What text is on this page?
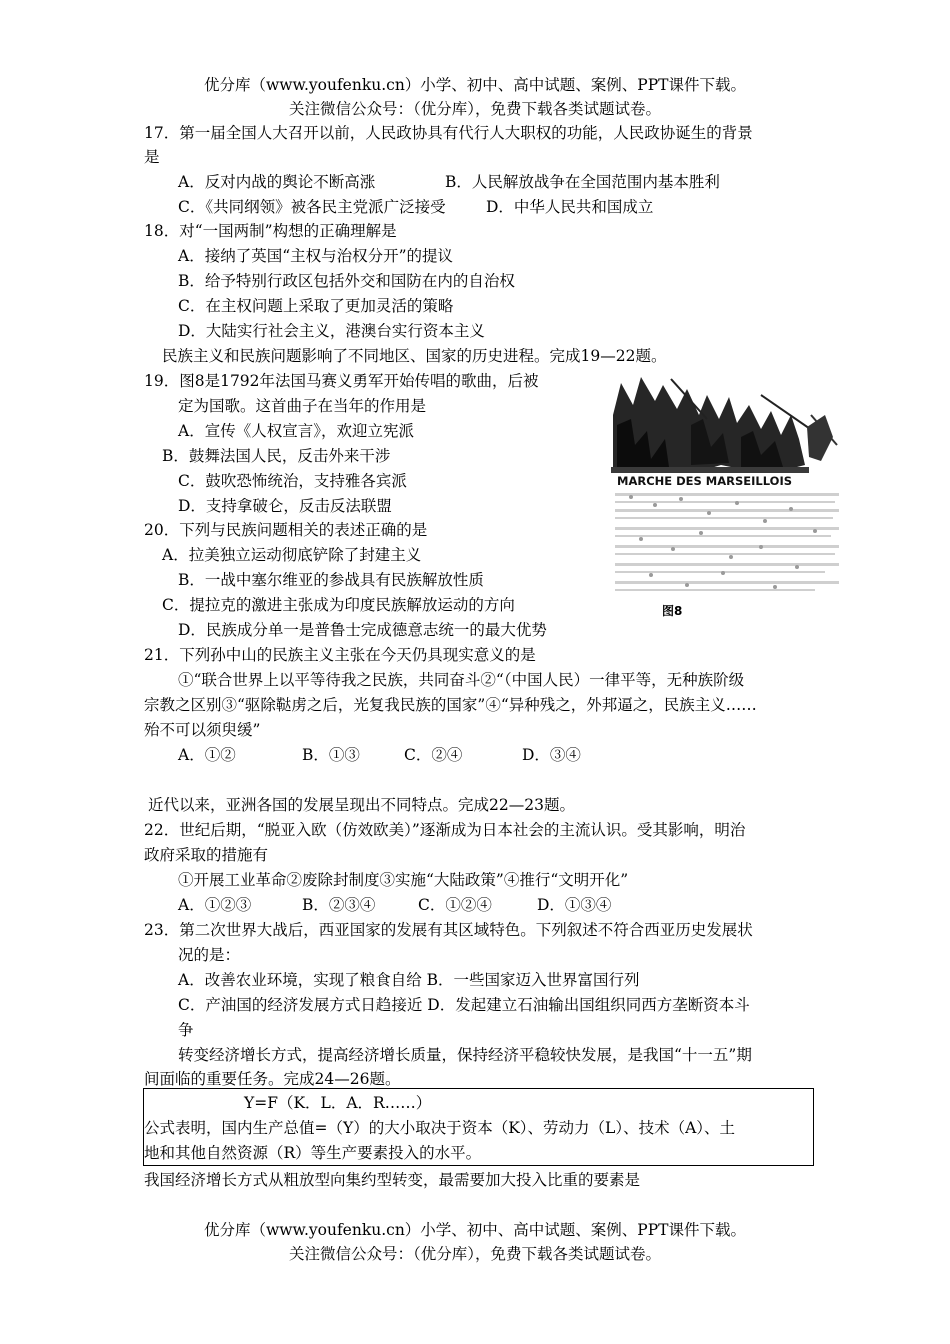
优分库（www.youfenku.cn）小学、初中、高中试题、案例、PPT课件下载。
关注微信公众号：（优分库），免费下载各类试题试卷。
17．第一届全国人大召开以前，人民政协具有代行人大职权的功能，人民政协诞生的背景
是
A．反对内战的舆论不断高涨	B．人民解放战争在全国范围内基本胜利
C．《共同纲领》被各民主党派广泛接受	D．中华人民共和国成立
18．对“一国两制”构想的正确理解是
A．接纳了英国“主权与治权分开”的提议
B．给予特别行政区包括外交和国防在内的自治权
C．在主权问题上采取了更加灵活的策略
D．大陆实行社会主义，港澳台实行资本主义
民族主义和民族问题影响了不同地区、国家的历史进程。完成19—22题。
19．图8是1792年法国马赛义勇军开始传唱的歌曲，后被
定为国歌。这首曲子在当年的作用是
A．宣传《人权宣言》，欢迎立宪派
B．鼓舞法国人民，反击外来干涉
C．鼓吹恐怖统治，支持雅各宾派
D．支持拿破仑，反击反法联盟
MARCHE DES MARSEILLOIS
图8
20．下列与民族问题相关的表述正确的是
A．拉美独立运动彻底铲除了封建主义
B．一战中塞尔维亚的参战具有民族解放性质
C．提拉克的激进主张成为印度民族解放运动的方向
D．民族成分单一是普鲁士完成德意志统一的最大优势
21．下列孙中山的民族主义主张在今天仍具现实意义的是
①“联合世界上以平等待我之民族，共同奋斗②“（中国人民）一律平等，无种族阶级
宗教之区别③“驱除鞑虏之后，光复我民族的国家”④“异种残之，外邦逼之，民族主义……
殆不可以须臾缓”
A．①②	B．①③	C．②④	D．③④
近代以来，亚洲各国的发展呈现出不同特点。完成22—23题。
22．世纪后期，“脱亚入欧（仿效欧美）”逐渐成为日本社会的主流认识。受其影响，明治
政府采取的措施有
①开展工业革命②废除封制度③实施“大陆政策”④推行“文明开化”
A．①②③	B．②③④	C．①②④	D．①③④
23．第二次世界大战后，西亚国家的发展有其区域特色。下列叙述不符合西亚历史发展状
况的是：
A．改善农业环境，实现了粮食自给 B．一些国家迈入世界富国行列
C．产油国的经济发展方式日趋接近 D．发起建立石油输出国组织同西方垄断资本斗
争
转变经济增长方式，提高经济增长质量，保持经济平稳较快发展，是我国“十一五”期
间面临的重要任务。完成24—26题。
Y=F（K．L．A．R……）
公式表明，国内生产总值=（Y）的大小取决于资本（K）、劳动力（L）、技术（A）、土
地和其他自然资源（R）等生产要素投入的水平。
我国经济增长方式从粗放型向集约型转变，最需要加大投入比重的要素是
优分库（www.youfenku.cn）小学、初中、高中试题、案例、PPT课件下载。
关注微信公众号：（优分库），免费下载各类试题试卷。
